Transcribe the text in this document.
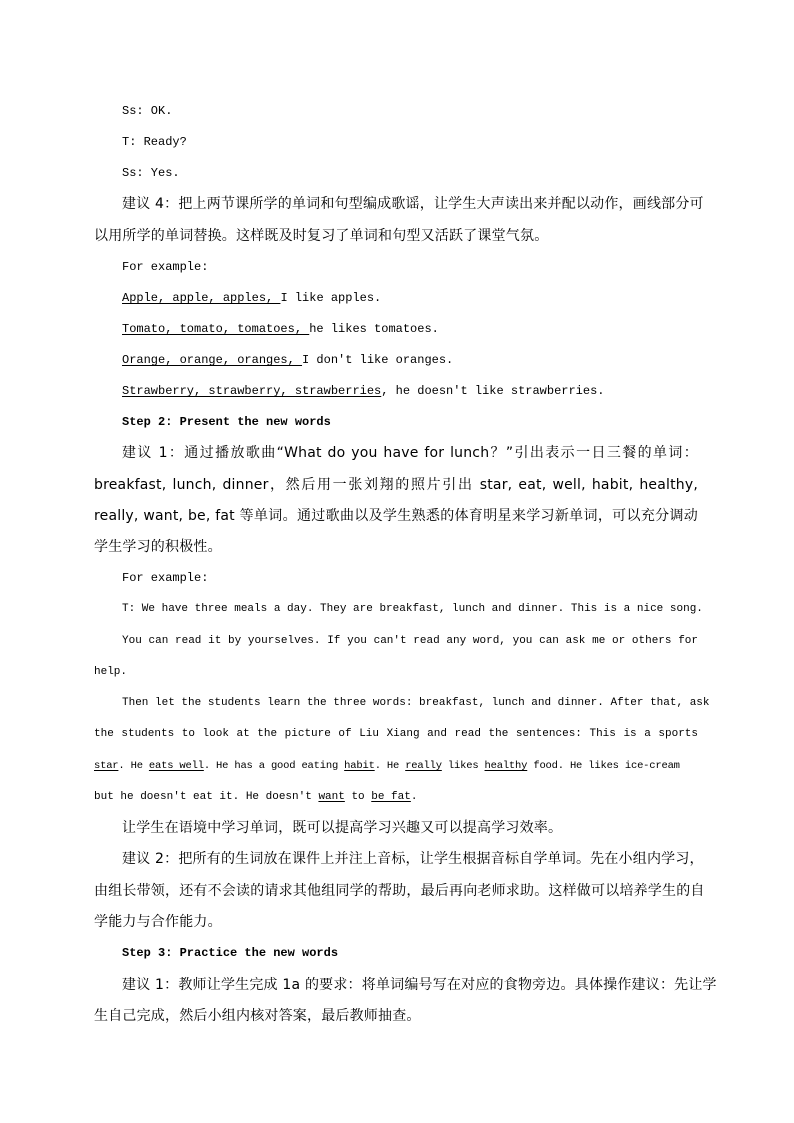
Ss: OK.
T: Ready?
Ss: Yes.
建议 4：把上两节课所学的单词和句型编成歌谣，让学生大声读出来并配以动作，画线部分可
以用所学的单词替换。这样既及时复习了单词和句型又活跃了课堂气氛。
For example:
Apple, apple, apples, I like apples.
Tomato, tomato, tomatoes, he likes tomatoes.
Orange, orange, oranges, I don't like oranges.
Strawberry, strawberry, strawberries, he doesn't like strawberries.
Step 2: Present the new words
建议 1：通过播放歌曲“What do you have for lunch？”引出表示一日三餐的单词：
breakfast, lunch, dinner，然后用一张刘翔的照片引出 star, eat, well, habit, healthy,
really, want, be, fat 等单词。通过歌曲以及学生熟悉的体育明星来学习新单词，可以充分调动
学生学习的积极性。
For example:
T: We have three meals a day. They are breakfast, lunch and dinner. This is a nice song.
You can read it by yourselves. If you can't read any word, you can ask me or others for
help.
Then let the students learn the three words: breakfast, lunch and dinner. After that, ask
the students to look at the picture of Liu Xiang and read the sentences: This is a sports
star. He eats well. He has a good eating habit. He really likes healthy food. He likes ice-cream
but he doesn't eat it. He doesn't want to be fat.
让学生在语境中学习单词，既可以提高学习兴趣又可以提高学习效率。
建议 2：把所有的生词放在课件上并注上音标，让学生根据音标自学单词。先在小组内学习，
由组长带领，还有不会读的请求其他组同学的帮助，最后再向老师求助。这样做可以培养学生的自
学能力与合作能力。
Step 3: Practice the new words
建议 1：教师让学生完成 1a 的要求：将单词编号写在对应的食物旁边。具体操作建议：先让学
生自己完成，然后小组内核对答案，最后教师抽查。
